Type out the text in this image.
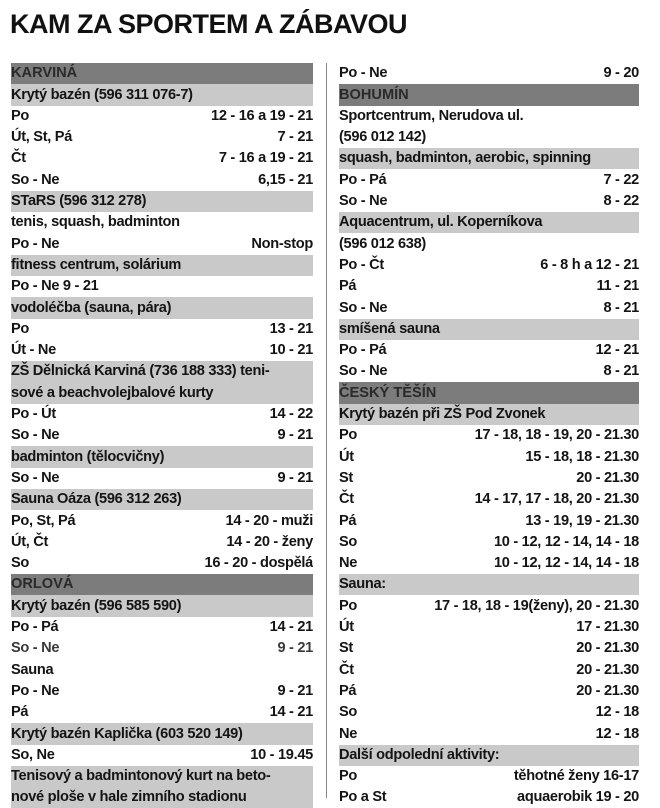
KAM ZA SPORTEM A ZÁBAVOU
KARVINÁ
Krytý bazén (596 311 076-7)
Po	12 - 16 a 19 - 21
Út, St, Pá	7 - 21
Čt	7 - 16 a 19 - 21
So - Ne	6,15 - 21
STaRS (596 312 278)
tenis, squash, badminton
Po - Ne	Non-stop
fitness centrum, solárium
Po - Ne 9 - 21
vodoléčba (sauna, pára)
Po	13 - 21
Út - Ne	10 - 21
ZŠ Dělnická Karviná (736 188 333) teni-
sové a beachvolejbalové kurty
Po - Út	14 - 22
So - Ne	9 - 21
badminton (tělocvičny)
So - Ne	9 - 21
Sauna Oáza (596 312 263)
Po, St, Pá	14 - 20 - muži
Út, Čt	14 - 20 - ženy
So	16 - 20 - dospělá
ORLOVÁ
Krytý bazén (596 585 590)
Po - Pá	14 - 21
So - Ne	9 - 21
Sauna
Po - Ne	9 - 21
Pá	14 - 21
Krytý bazén Kaplička (603 520 149)
So, Ne	10 - 19.45
Tenisový a badmintonový kurt na beto-
nové ploše v hale zimního stadionu
Po - Ne	9 - 20
BOHUMÍN
Sportcentrum, Nerudova ul.
(596 012 142)
squash, badminton, aerobic, spinning
Po - Pá	7 - 22
So - Ne	8 - 22
Aquacentrum, ul. Koperníkova
(596 012 638)
Po - Čt	6 - 8 h a 12 - 21
Pá	11 - 21
So - Ne	8 - 21
smíšená sauna
Po - Pá	12 - 21
So - Ne	8 - 21
ČESKÝ TĚŠÍN
Krytý bazén při ZŠ Pod Zvonek
Po	17 - 18, 18 - 19, 20 - 21.30
Út	15 - 18, 18 - 21.30
St	20 - 21.30
Čt	14 - 17, 17 - 18, 20 - 21.30
Pá	13 - 19, 19 - 21.30
So	10 - 12, 12 - 14, 14 - 18
Ne	10 - 12, 12 - 14, 14 - 18
Sauna:
Po	17 - 18, 18 - 19(ženy), 20 - 21.30
Út	17 - 21.30
St	20 - 21.30
Čt	20 - 21.30
Pá	20 - 21.30
So	12 - 18
Ne	12 - 18
Další odpolední aktivity:
Po	těhotné ženy 16-17
Po a St	aquaerobik 19 - 20
